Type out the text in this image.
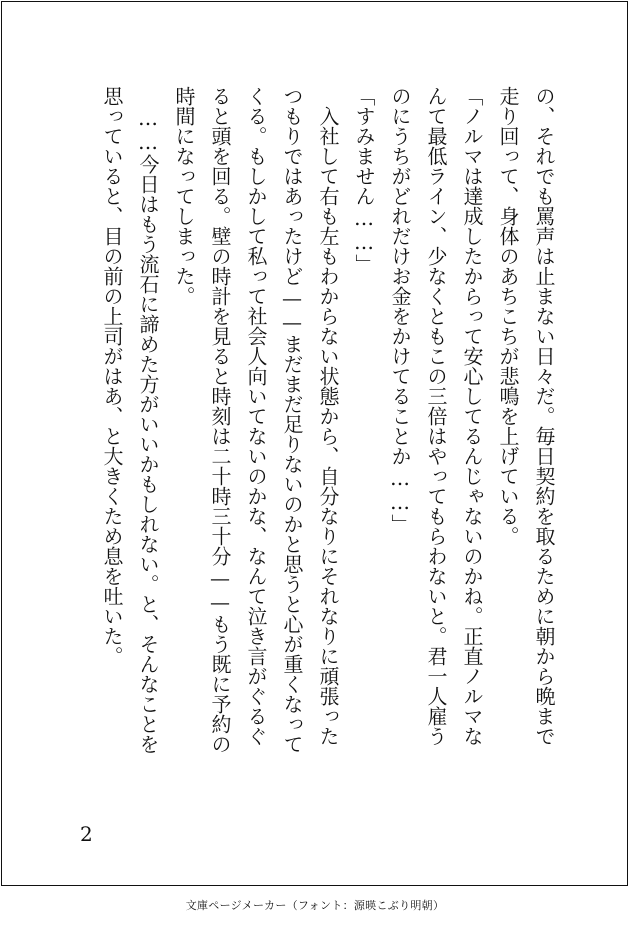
の、それでも罵声は止まない日々だ。毎日契約を取るために朝から晩まで
走り回って、身体のあちこちが悲鳴を上げている。
「ノルマは達成したからって安心してるんじゃないのかね。正直ノルマな
んて最低ライン、少なくともこの三倍はやってもらわないと。君一人雇う
のにうちがどれだけお金をかけてることか……」
「すみません……」
　入社して右も左もわからない状態から、自分なりにそれなりに頑張った
つもりではあったけど——まだまだ足りないのかと思うと心が重くなって
くる。もしかして私って社会人向いてないのかな、なんて泣き言がぐるぐ
ると頭を回る。壁の時計を見ると時刻は二十時三十分——もう既に予約の
時間になってしまった。
　……今日はもう流石に諦めた方がいいかもしれない。と、そんなことを
思っていると、目の前の上司がはあ、と大きくため息を吐いた。
2
文庫ページメーカー（フォント：源暎こぶり明朝）
